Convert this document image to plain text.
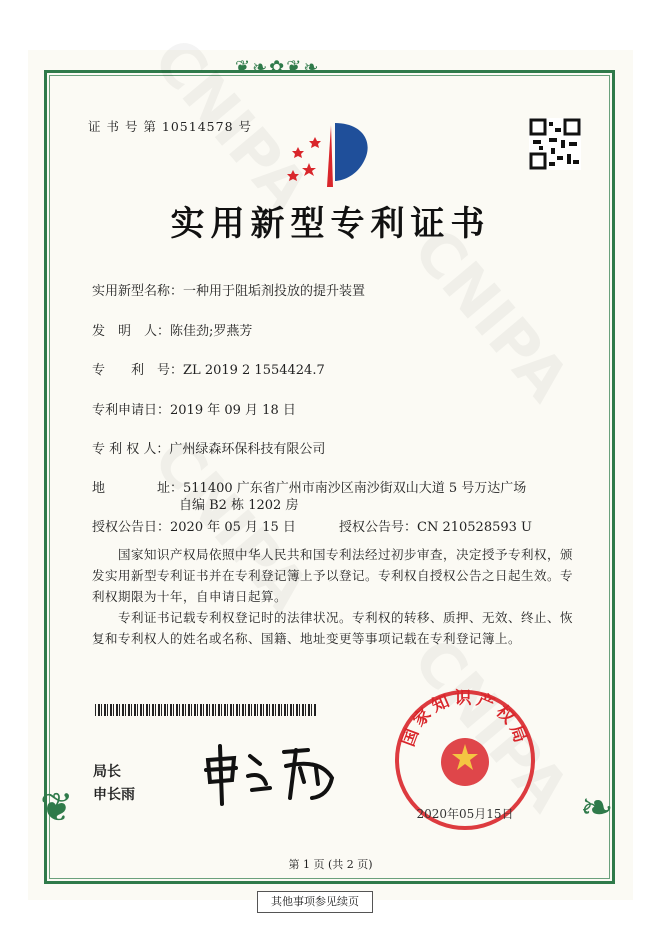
❦❧✿❦❧
❦	❧
证 书 号 第 10514578 号
实用新型专利证书
实用新型名称：一种用于阻垢剂投放的提升装置
发　明　人：陈佳劲;罗燕芳
专　　利　号：ZL 2019 2 1554424.7
专利申请日：2019 年 09 月 18 日
专 利 权 人：广州绿森环保科技有限公司
地　　　　址：511400 广东省广州市南沙区南沙街双山大道 5 号万达广场
自编 B2 栋 1202 房
授权公告日：2020 年 05 月 15 日	授权公告号：CN 210528593 U
国家知识产权局依照中华人民共和国专利法经过初步审查，决定授予专利权，颁发实用新型专利证书并在专利登记簿上予以登记。专利权自授权公告之日起生效。专利权期限为十年，自申请日起算。
专利证书记载专利权登记时的法律状况。专利权的转移、质押、无效、终止、恢复和专利权人的姓名或名称、国籍、地址变更等事项记载在专利登记簿上。
局长
申长雨
国家知识产权局
2020年05月15日
第 1 页 (共 2 页)
其他事项参见续页
